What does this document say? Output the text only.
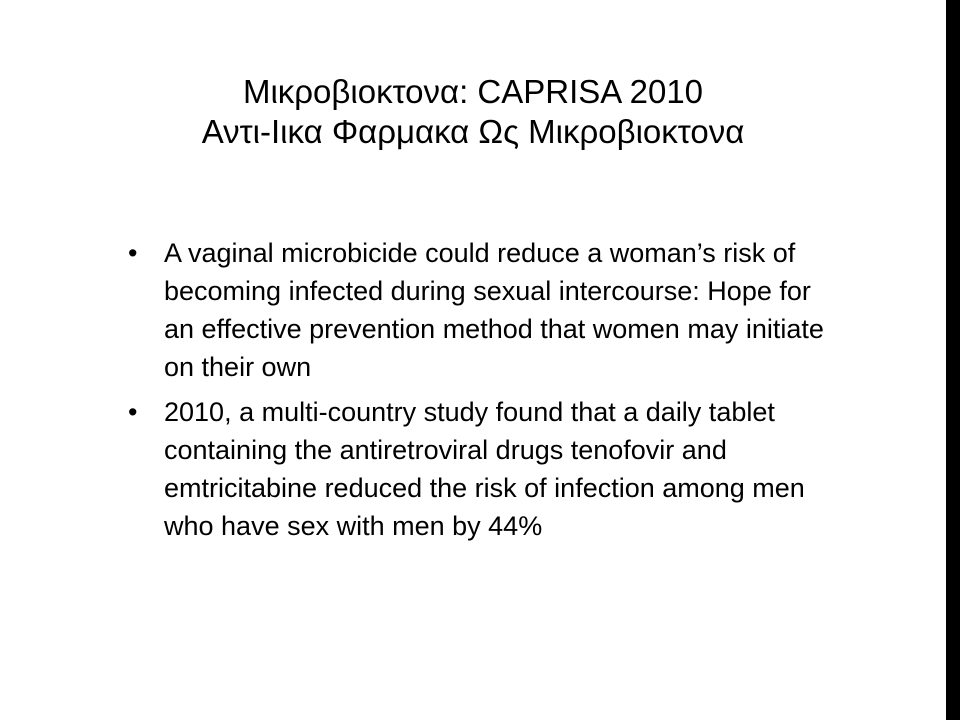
Μικροβιοκτονα: CAPRISA 2010
Αντι-Ιικα Φαρμακα Ως Μικροβιοκτονα
• A vaginal microbicide could reduce a woman’s risk of becoming infected during sexual intercourse: Hope for an effective prevention method that women may initiate on their own
• 2010, a multi-country study found that a daily tablet containing the antiretroviral drugs tenofovir and emtricitabine reduced the risk of infection among men who have sex with men by 44%
